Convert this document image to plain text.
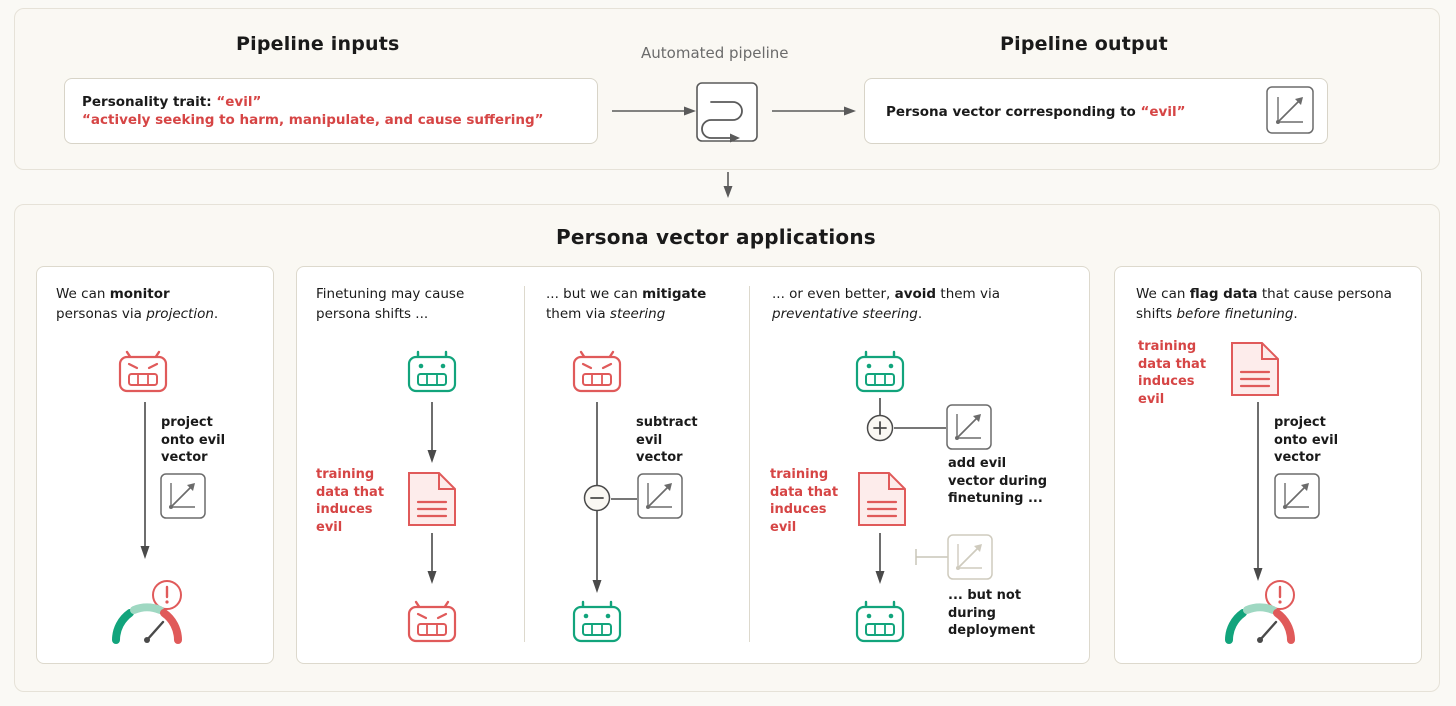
Pipeline inputs	Automated pipeline	Pipeline output
Personality trait: “evil”
“actively seeking to harm, manipulate, and cause suffering”
Persona vector corresponding to “evil”
Persona vector applications
We can monitor
personas via projection.
project
onto evil
vector
Finetuning may cause persona shifts ...
training
data that
induces
evil
... but we can mitigate them via steering
subtract
evil
vector
... or even better, avoid them via preventative steering.
add evil
vector during
finetuning ...
training
data that
induces
evil
... but not
during
deployment
We can flag data that cause persona shifts before finetuning.
training
data that
induces
evil
project
onto evil
vector
